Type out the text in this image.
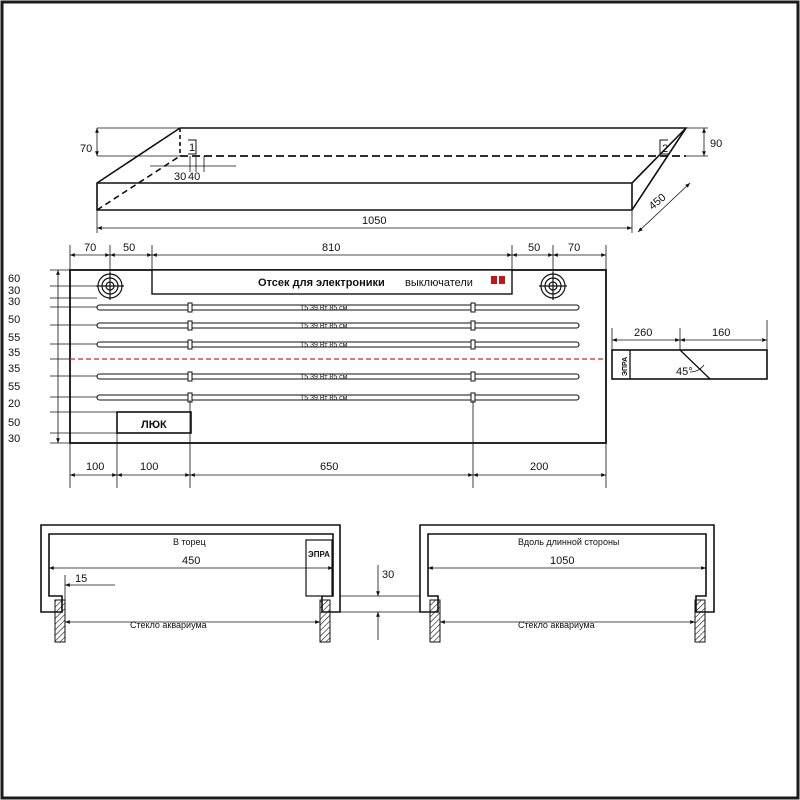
1	2
70	90
30 40
1050
450
T5 39 Вт 85 см
T5 39 Вт 85 см
T5 39 Вт 85 см
T5 39 Вт 85 см
T5 39 Вт 85 см
Отсек для электроники выключатели
ЛЮК
70 50	810	50	70
60
30
30
50
55
35
35
55
20
50
30
100	100	650	200
260	160
ЭПРА	45°
В торец
450
15
ЭПРА
Стекло аквариума
30
Вдоль длинной стороны
1050
Стекло аквариума
